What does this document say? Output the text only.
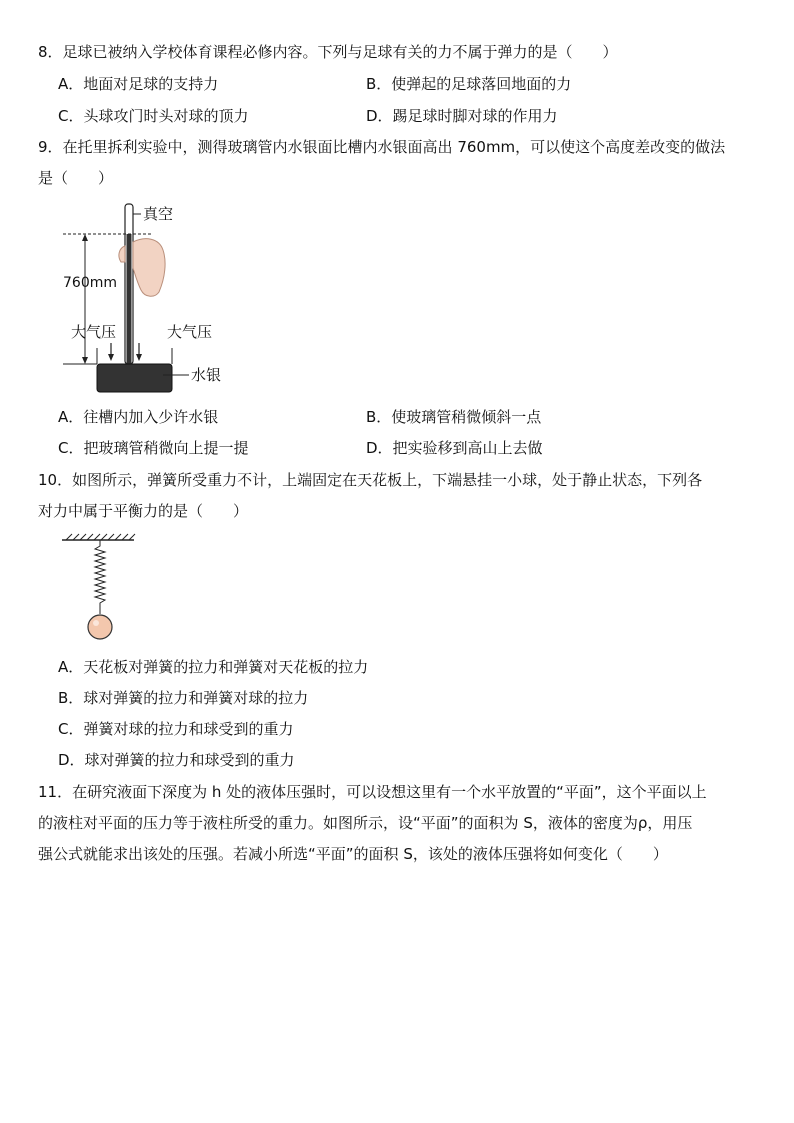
8．足球已被纳入学校体育课程必修内容。下列与足球有关的力不属于弹力的是（　　）
A．地面对足球的支持力	B．使弹起的足球落回地面的力
C．头球攻门时头对球的顶力	D．踢足球时脚对球的作用力
9．在托里拆利实验中，测得玻璃管内水银面比槽内水银面高出 760mm，可以使这个高度差改变的做法
是（　　）
真空
760mm
大气压	大气压
水银
A．往槽内加入少许水银	B．使玻璃管稍微倾斜一点
C．把玻璃管稍微向上提一提	D．把实验移到高山上去做
10．如图所示，弹簧所受重力不计，上端固定在天花板上，下端悬挂一小球，处于静止状态，下列各
对力中属于平衡力的是（　　）
A．天花板对弹簧的拉力和弹簧对天花板的拉力
B．球对弹簧的拉力和弹簧对球的拉力
C．弹簧对球的拉力和球受到的重力
D．球对弹簧的拉力和球受到的重力
11．在研究液面下深度为 h 处的液体压强时，可以设想这里有一个水平放置的“平面”，这个平面以上
的液柱对平面的压力等于液柱所受的重力。如图所示，设“平面”的面积为 S，液体的密度为ρ，用压
强公式就能求出该处的压强。若减小所选“平面”的面积 S，该处的液体压强将如何变化（　　）
